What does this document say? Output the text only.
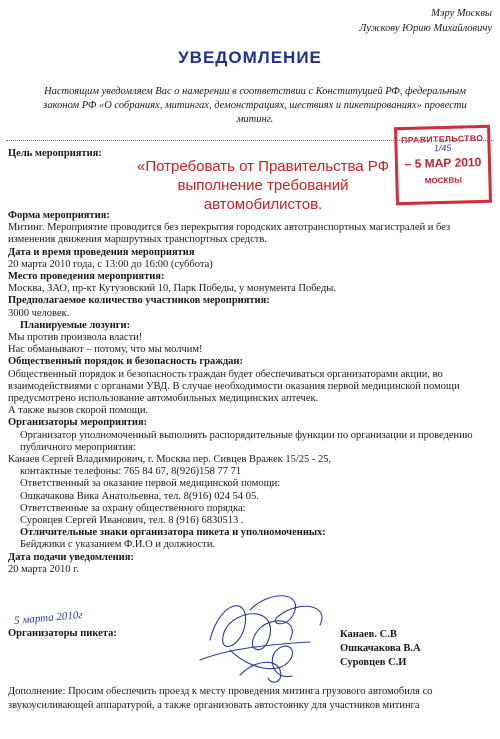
Мэру Москвы
Лужкову Юрию Михайловичу
УВЕДОМЛЕНИЕ
Настоящим уведомляем Вас о намерении в соответствии с Конституцией РФ, федеральным законом РФ «О собраниях, митингах, демонстрациях, шествиях и пикетированиях» провести митинг.
Цель мероприятия:
«Потребовать от Правительства РФ выполнение требований автомобилистов.
ПРАВИТЕЛЬСТВО
1/45
– 5 МАР 2010
МОСКВЫ

Форма мероприятия:

Митинг. Мероприятие проводится без перекрытия городских автотранспортных магистралей и без изменения движения маршрутных транспортных средств.

Дата и время проведения мероприятия

20 марта 2010 года, с 13:00 до 16:00 (суббота)

Место проведения мероприятия:

Москва, ЗАО, пр-кт Кутузовский 10, Парк Победы, у монумента Победы.

Предполагаемое количество участников мероприятия:

3000 человек.

Планируемые лозунги:

Мы против произвола власти!

Нас обманывают – потому, что мы молчим!

Общественный порядок и безопасность граждан:

Общественный порядок и безопасность граждан будет обеспечиваться организаторами акции, во взаимодействиями с органами УВД. В случае необходимости оказания первой медицинской помощи предусмотрено использование автомобильных медицинских аптечек.

А также вызов скорой помощи.

Организаторы мероприятия:

Организатор уполномоченный выполнять распорядительные функции по организации и проведению публичного мероприятия:

Канаев Сергей Владимирович, г. Москва пер. Сивцев Вражек 15/25 - 25,

контактные телефоны: 765 84 67, 8(926)158 77 71

Ответственный за оказание первой медицинской помощи:

Ошкачакова Вика Анатольевна, тел. 8(916) 024 54 05.

Ответственные за охрану общественного порядка:

Суровцев Сергей Иванович, тел. 8 (916) 6830513 .

Отличительные знаки организатора пикета и уполномоченных:

Бейджики с указанием Ф.И.О и должности.

Дата подачи уведомления:

20 марта 2010 г.

5 марта 2010г
Организаторы пикета:	Канаев. С.В
Ошкачакова В.А
Суровцев С.И
Дополнение: Просим обеспечить проезд к месту проведения митинга грузового автомобиля со звукоусиливающей аппаратурой, а также организовать автостоянку для участников митинга
